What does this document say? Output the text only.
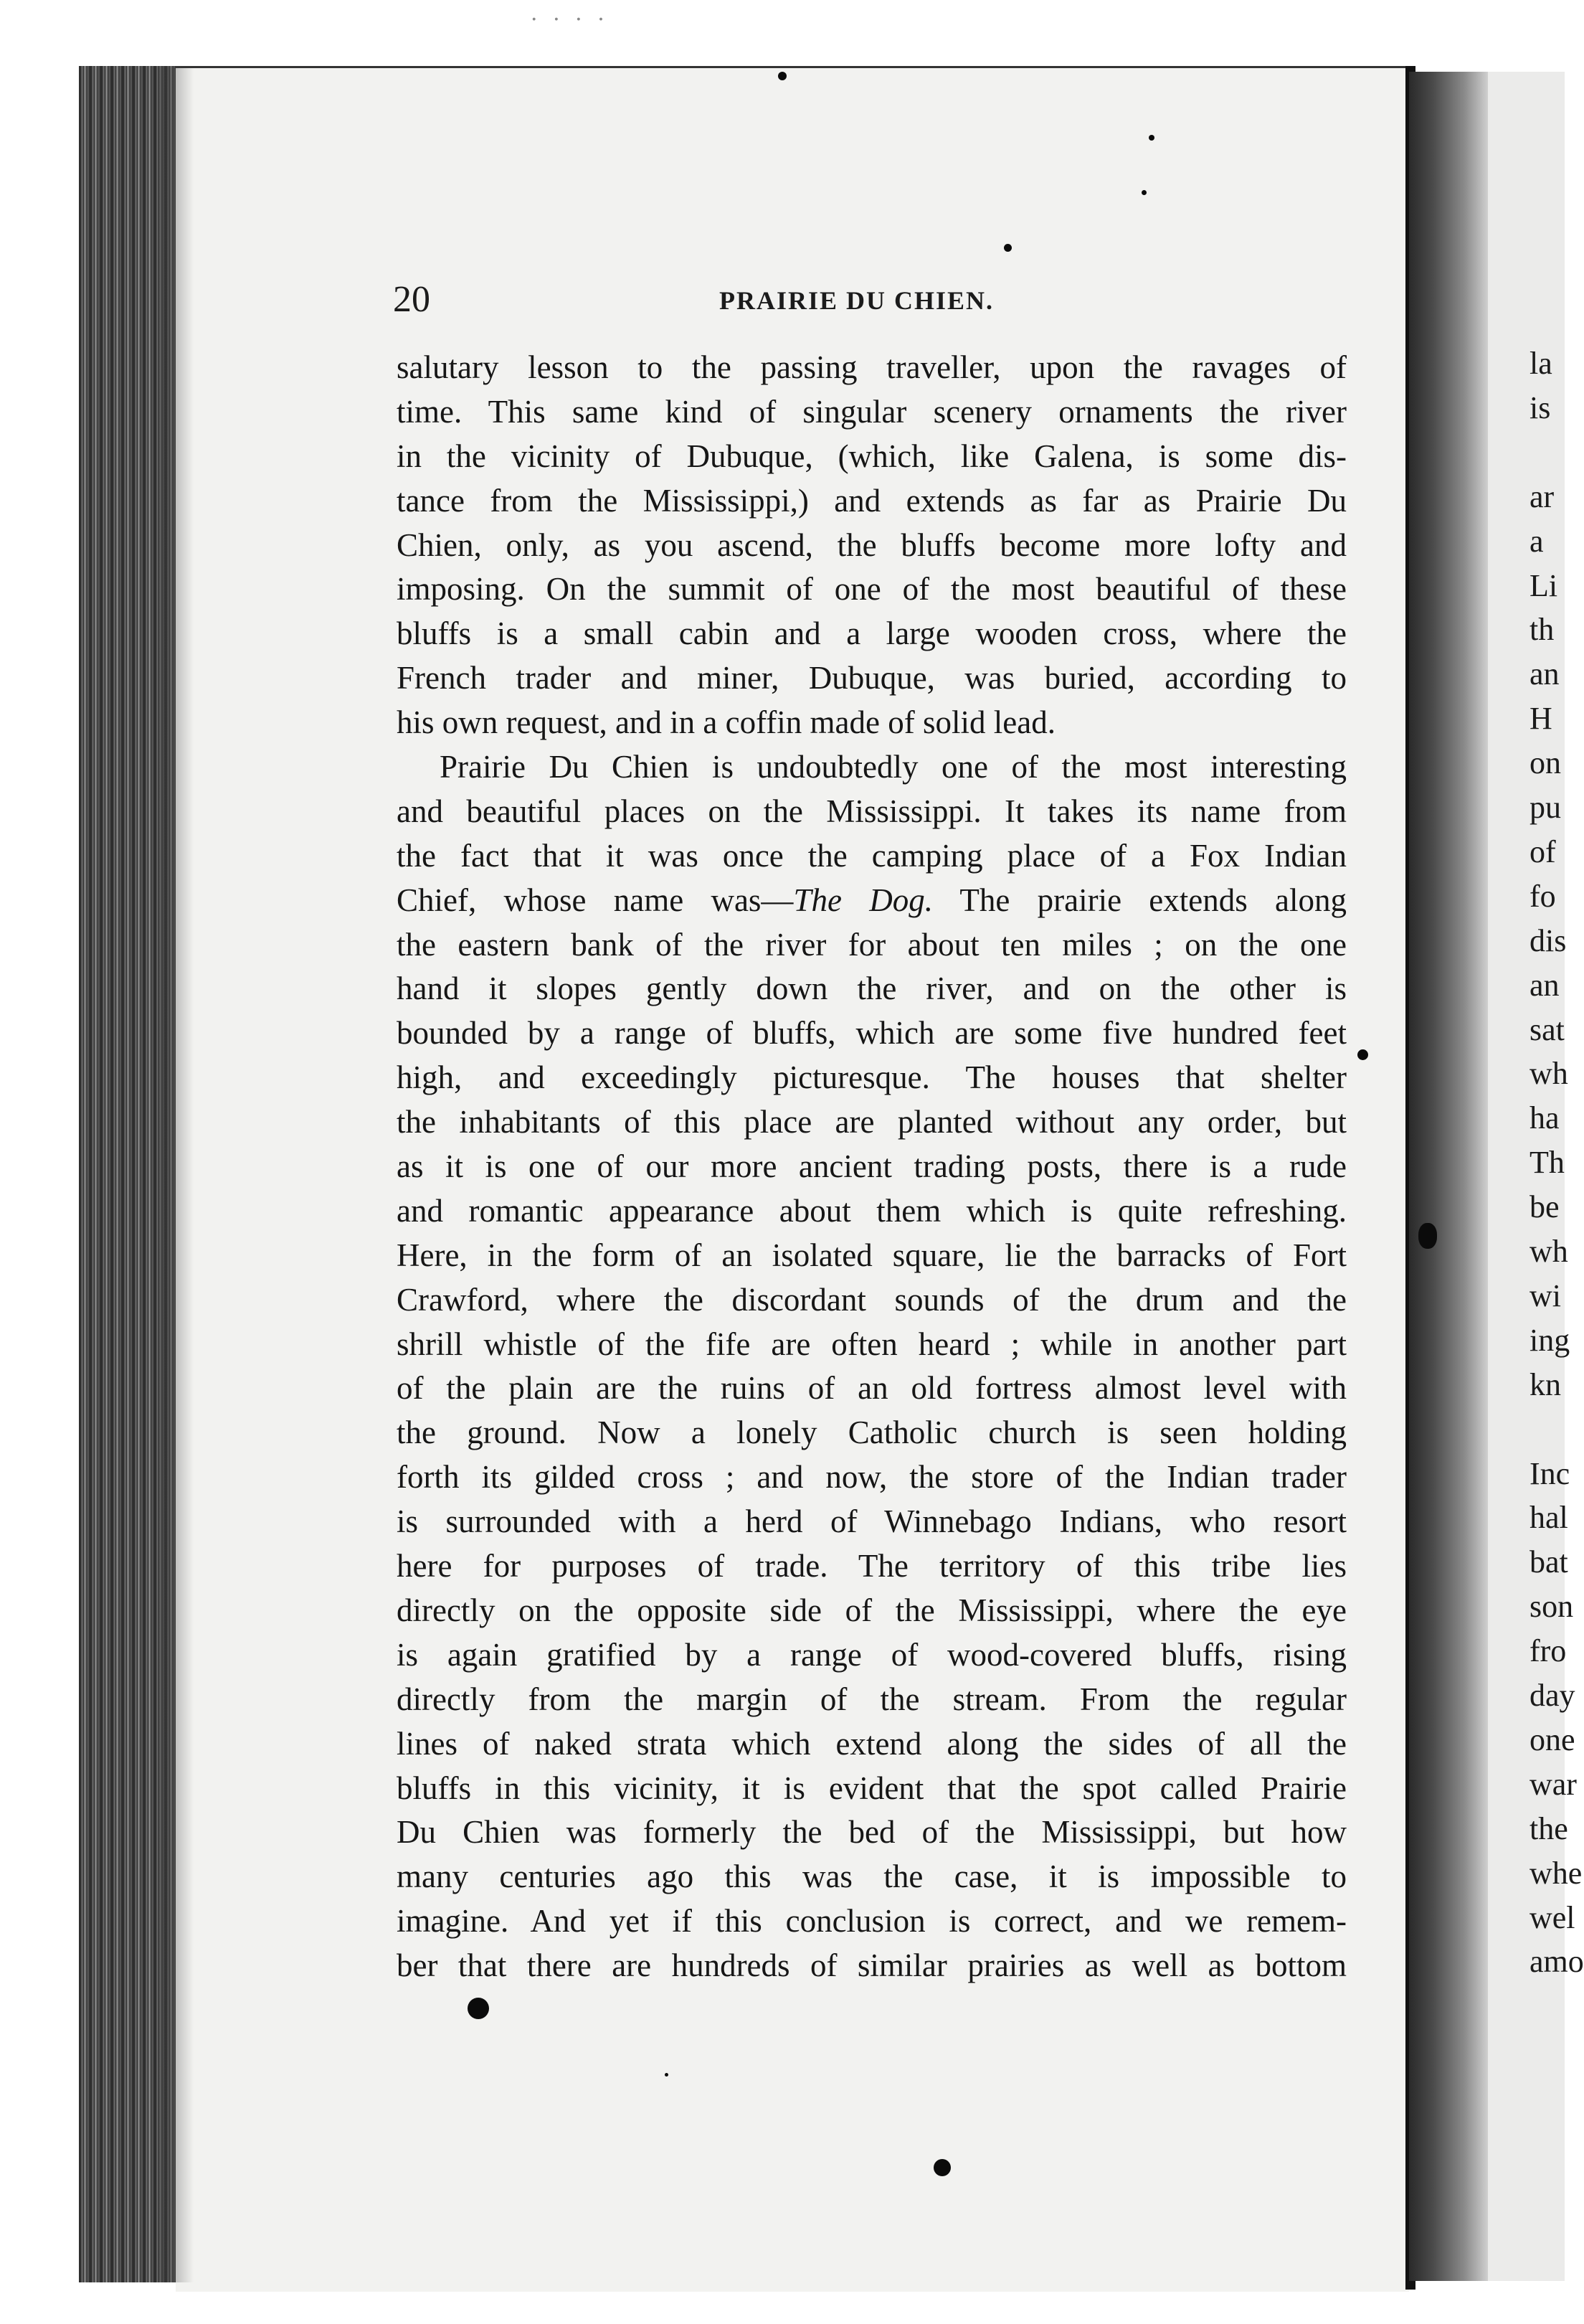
· · · ·
la
is
ar
a
Li
th
an
H
on
pu
of
fo
dis
an
sat
wh
ha
Th
be
wh
wi
ing
kn
Inc
hal
bat
son
fro
day
one
war
the
whe
wel
amo
20	PRAIRIE DU CHIEN.
salutary lesson to the passing traveller, upon the ravages of
time. This same kind of singular scenery ornaments the river
in the vicinity of Dubuque, (which, like Galena, is some dis-
tance from the Mississippi,) and extends as far as Prairie Du
Chien, only, as you ascend, the bluffs become more lofty and
imposing. On the summit of one of the most beautiful of these
bluffs is a small cabin and a large wooden cross, where the
French trader and miner, Dubuque, was buried, according to
his own request, and in a coffin made of solid lead.
Prairie Du Chien is undoubtedly one of the most interesting
and beautiful places on the Mississippi. It takes its name from
the fact that it was once the camping place of a Fox Indian
Chief, whose name was—The Dog. The prairie extends along
the eastern bank of the river for about ten miles ; on the one
hand it slopes gently down the river, and on the other is
bounded by a range of bluffs, which are some five hundred feet
high, and exceedingly picturesque. The houses that shelter
the inhabitants of this place are planted without any order, but
as it is one of our more ancient trading posts, there is a rude
and romantic appearance about them which is quite refreshing.
Here, in the form of an isolated square, lie the barracks of Fort
Crawford, where the discordant sounds of the drum and the
shrill whistle of the fife are often heard ; while in another part
of the plain are the ruins of an old fortress almost level with
the ground. Now a lonely Catholic church is seen holding
forth its gilded cross ; and now, the store of the Indian trader
is surrounded with a herd of Winnebago Indians, who resort
here for purposes of trade. The territory of this tribe lies
directly on the opposite side of the Mississippi, where the eye
is again gratified by a range of wood-covered bluffs, rising
directly from the margin of the stream. From the regular
lines of naked strata which extend along the sides of all the
bluffs in this vicinity, it is evident that the spot called Prairie
Du Chien was formerly the bed of the Mississippi, but how
many centuries ago this was the case, it is impossible to
imagine. And yet if this conclusion is correct, and we remem-
ber that there are hundreds of similar prairies as well as bottom
